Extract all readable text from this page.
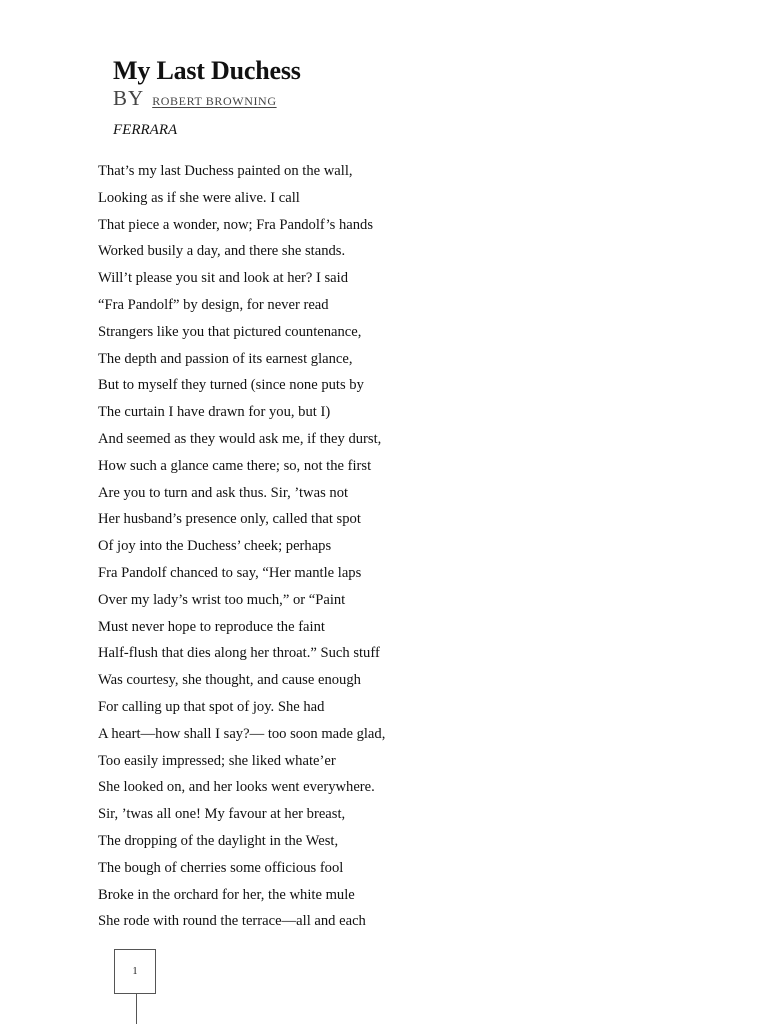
My Last Duchess
BY ROBERT BROWNING
FERRARA
That’s my last Duchess painted on the wall,
Looking as if she were alive. I call
That piece a wonder, now; Fra Pandolf’s hands
Worked busily a day, and there she stands.
Will’t please you sit and look at her? I said
“Fra Pandolf” by design, for never read
Strangers like you that pictured countenance,
The depth and passion of its earnest glance,
But to myself they turned (since none puts by
The curtain I have drawn for you, but I)
And seemed as they would ask me, if they durst,
How such a glance came there; so, not the first
Are you to turn and ask thus. Sir, ’twas not
Her husband’s presence only, called that spot
Of joy into the Duchess’ cheek; perhaps
Fra Pandolf chanced to say, “Her mantle laps
Over my lady’s wrist too much,” or “Paint
Must never hope to reproduce the faint
Half-flush that dies along her throat.” Such stuff
Was courtesy, she thought, and cause enough
For calling up that spot of joy. She had
A heart—how shall I say?— too soon made glad,
Too easily impressed; she liked whate’er
She looked on, and her looks went everywhere.
Sir, ’twas all one! My favour at her breast,
The dropping of the daylight in the West,
The bough of cherries some officious fool
Broke in the orchard for her, the white mule
She rode with round the terrace—all and each
1
